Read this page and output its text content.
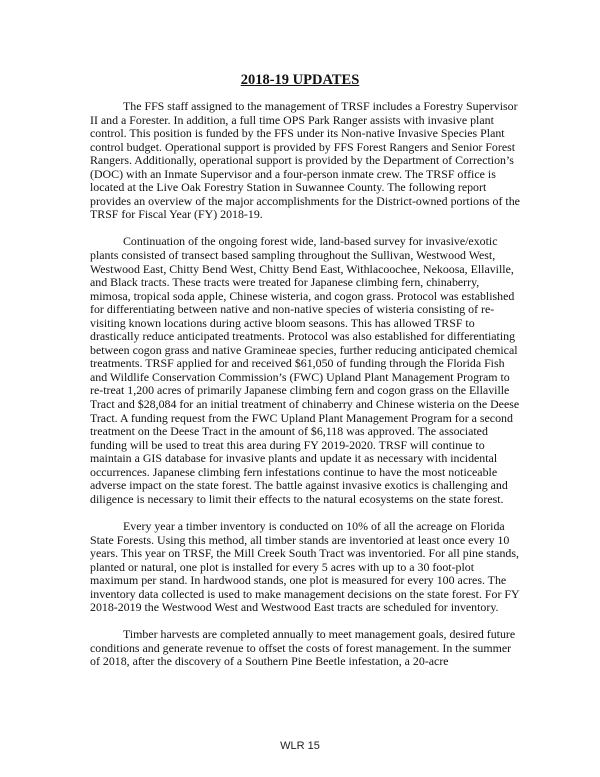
2018-19 UPDATES

The FFS staff assigned to the management of TRSF includes a Forestry Supervisor II and a Forester. In addition, a full time OPS Park Ranger assists with invasive plant control. This position is funded by the FFS under its Non-native Invasive Species Plant control budget. Operational support is provided by FFS Forest Rangers and Senior Forest Rangers. Additionally, operational support is provided by the Department of Correction’s (DOC) with an Inmate Supervisor and a four-person inmate crew. The TRSF office is located at the Live Oak Forestry Station in Suwannee County. The following report provides an overview of the major accomplishments for the District-owned portions of the TRSF for Fiscal Year (FY) 2018-19.

Continuation of the ongoing forest wide, land-based survey for invasive/exotic plants consisted of transect based sampling throughout the Sullivan, Westwood West, Westwood East, Chitty Bend West, Chitty Bend East, Withlacoochee, Nekoosa, Ellaville, and Black tracts. These tracts were treated for Japanese climbing fern, chinaberry, mimosa, tropical soda apple, Chinese wisteria, and cogon grass. Protocol was established for differentiating between native and non-native species of wisteria consisting of re-visiting known locations during active bloom seasons. This has allowed TRSF to drastically reduce anticipated treatments. Protocol was also established for differentiating between cogon grass and native Gramineae species, further reducing anticipated chemical treatments. TRSF applied for and received $61,050 of funding through the Florida Fish and Wildlife Conservation Commission’s (FWC) Upland Plant Management Program to re-treat 1,200 acres of primarily Japanese climbing fern and cogon grass on the Ellaville Tract and $28,084 for an initial treatment of chinaberry and Chinese wisteria on the Deese Tract. A funding request from the FWC Upland Plant Management Program for a second treatment on the Deese Tract in the amount of $6,118 was approved. The associated funding will be used to treat this area during FY 2019-2020. TRSF will continue to maintain a GIS database for invasive plants and update it as necessary with incidental occurrences. Japanese climbing fern infestations continue to have the most noticeable adverse impact on the state forest. The battle against invasive exotics is challenging and diligence is necessary to limit their effects to the natural ecosystems on the state forest.

Every year a timber inventory is conducted on 10% of all the acreage on Florida State Forests. Using this method, all timber stands are inventoried at least once every 10 years. This year on TRSF, the Mill Creek South Tract was inventoried. For all pine stands, planted or natural, one plot is installed for every 5 acres with up to a 30 foot-plot maximum per stand. In hardwood stands, one plot is measured for every 100 acres. The inventory data collected is used to make management decisions on the state forest. For FY 2018-2019 the Westwood West and Westwood East tracts are scheduled for inventory.

Timber harvests are completed annually to meet management goals, desired future conditions and generate revenue to offset the costs of forest management. In the summer of 2018, after the discovery of a Southern Pine Beetle infestation, a 20-acre

WLR 15
